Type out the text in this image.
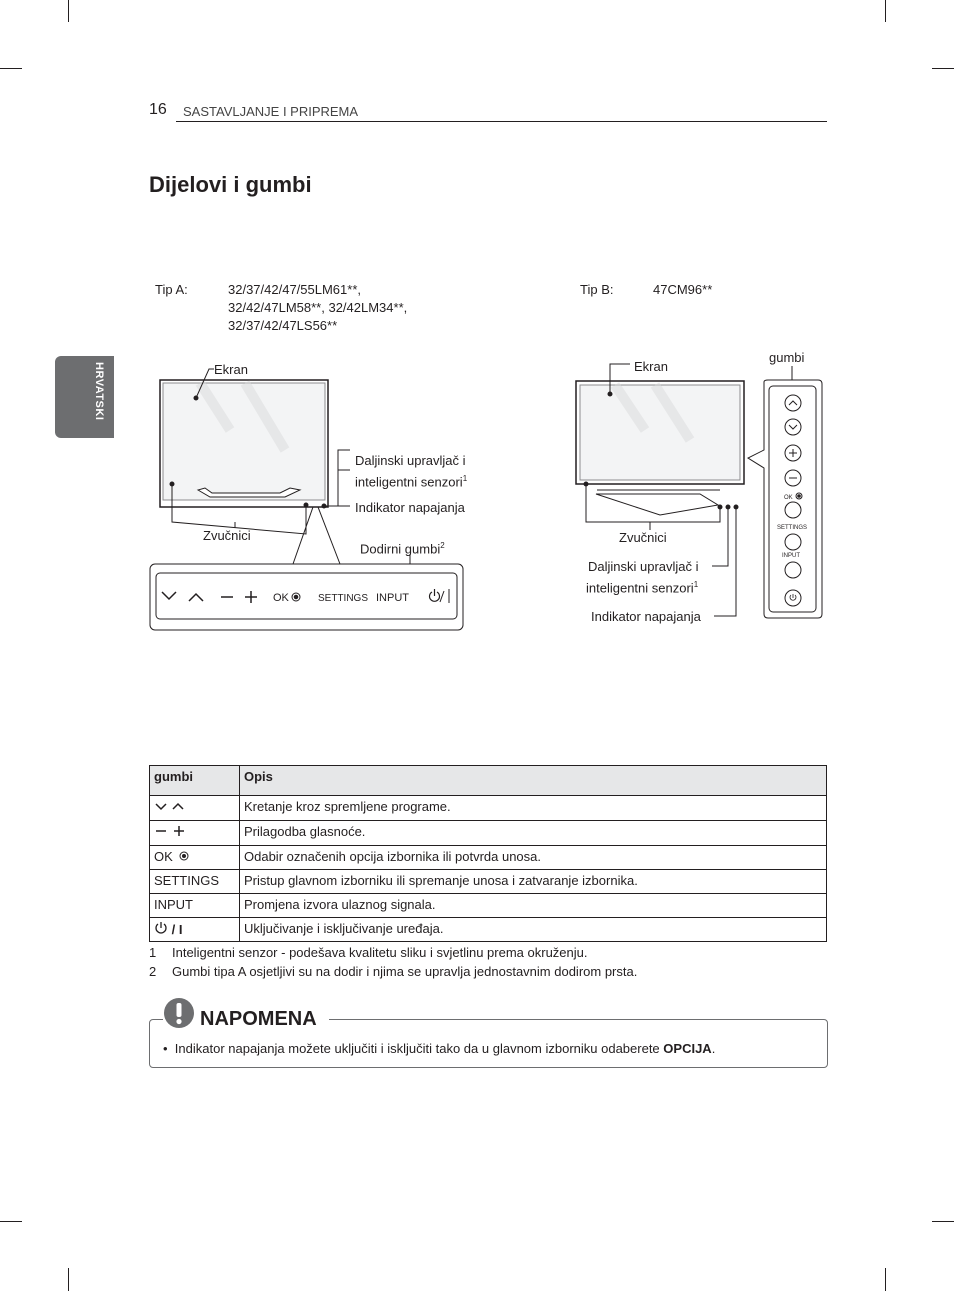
16 SASTAVLJANJE I PRIPREMA
HRVATSKI
Dijelovi i gumbi
Tip A:	32/37/42/47/55LM61**,
32/42/47LM58**, 32/42LM34**,
32/37/42/47LS56**
Tip B:	47CM96**
OK	SETTINGS INPUT
OK
SETTINGS
INPUT
Ekran
Daljinski upravljač i
inteligentni senzori$^1$
Indikator napajanja
Zvučnici
Dodirni gumbi$^2$
Ekran
gumbi
Zvučnici
Daljinski upravljač i
inteligentni senzori$^1$
Indikator napajanja
gumbi	Opis
	Kretanje kroz spremljene programe.
	Prilagodba glasnoće.
OK	Odabir označenih opcija izbornika ili potvrda unosa.
SETTINGS	Pristup glavnom izborniku ili spremanje unosa i zatvaranje izbornika.
INPUT	Promjena izvora ulaznog signala.
/ I	Uključivanje i isključivanje uređaja.
1 Inteligentni senzor - podešava kvalitetu sliku i svjetlinu prema okruženju.
2 Gumbi tipa A osjetljivi su na dodir i njima se upravlja jednostavnim dodirom prsta.
NAPOMENA
•  Indikator napajanja možete uključiti i isključiti tako da u glavnom izborniku odaberete OPCIJA.
